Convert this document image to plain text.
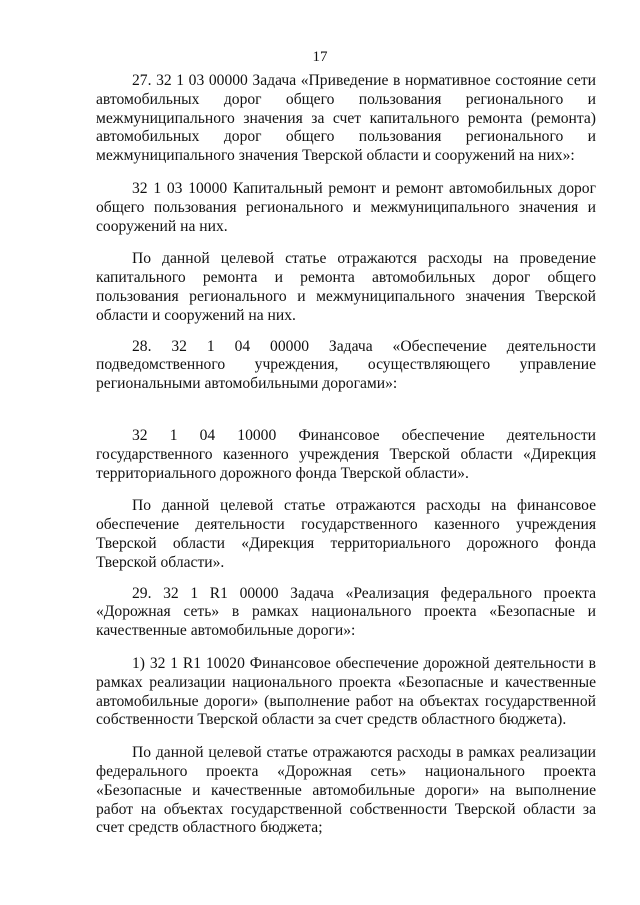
17

27. 32 1 03 00000 Задача «Приведение в нормативное состояние сети автомобильных дорог общего пользования регионального и межмуниципального значения за счет капитального ремонта (ремонта) автомобильных дорог общего пользования регионального и межмуниципального значения Тверской области и сооружений на них»:

32 1 03 10000 Капитальный ремонт и ремонт автомобильных дорог общего пользования регионального и межмуниципального значения и сооружений на них.

По данной целевой статье отражаются расходы на проведение капитального ремонта и ремонта автомобильных дорог общего пользования регионального и межмуниципального значения Тверской области и сооружений на них.

28. 32 1 04 00000 Задача «Обеспечение деятельности подведомственного учреждения, осуществляющего управление региональными автомобильными дорогами»:

32 1 04 10000 Финансовое обеспечение деятельности государственного казенного учреждения Тверской области «Дирекция территориального дорожного фонда Тверской области».

По данной целевой статье отражаются расходы на финансовое обеспечение деятельности государственного казенного учреждения Тверской области «Дирекция территориального дорожного фонда Тверской области».

29. 32 1 R1 00000 Задача «Реализация федерального проекта «Дорожная сеть» в рамках национального проекта «Безопасные и качественные автомобильные дороги»:

1) 32 1 R1 10020 Финансовое обеспечение дорожной деятельности в рамках реализации национального проекта «Безопасные и качественные автомобильные дороги» (выполнение работ на объектах государственной собственности Тверской области за счет средств областного бюджета).

По данной целевой статье отражаются расходы в рамках реализации федерального проекта «Дорожная сеть» национального проекта «Безопасные и качественные автомобильные дороги» на выполнение работ на объектах государственной собственности Тверской области за счет средств областного бюджета;
